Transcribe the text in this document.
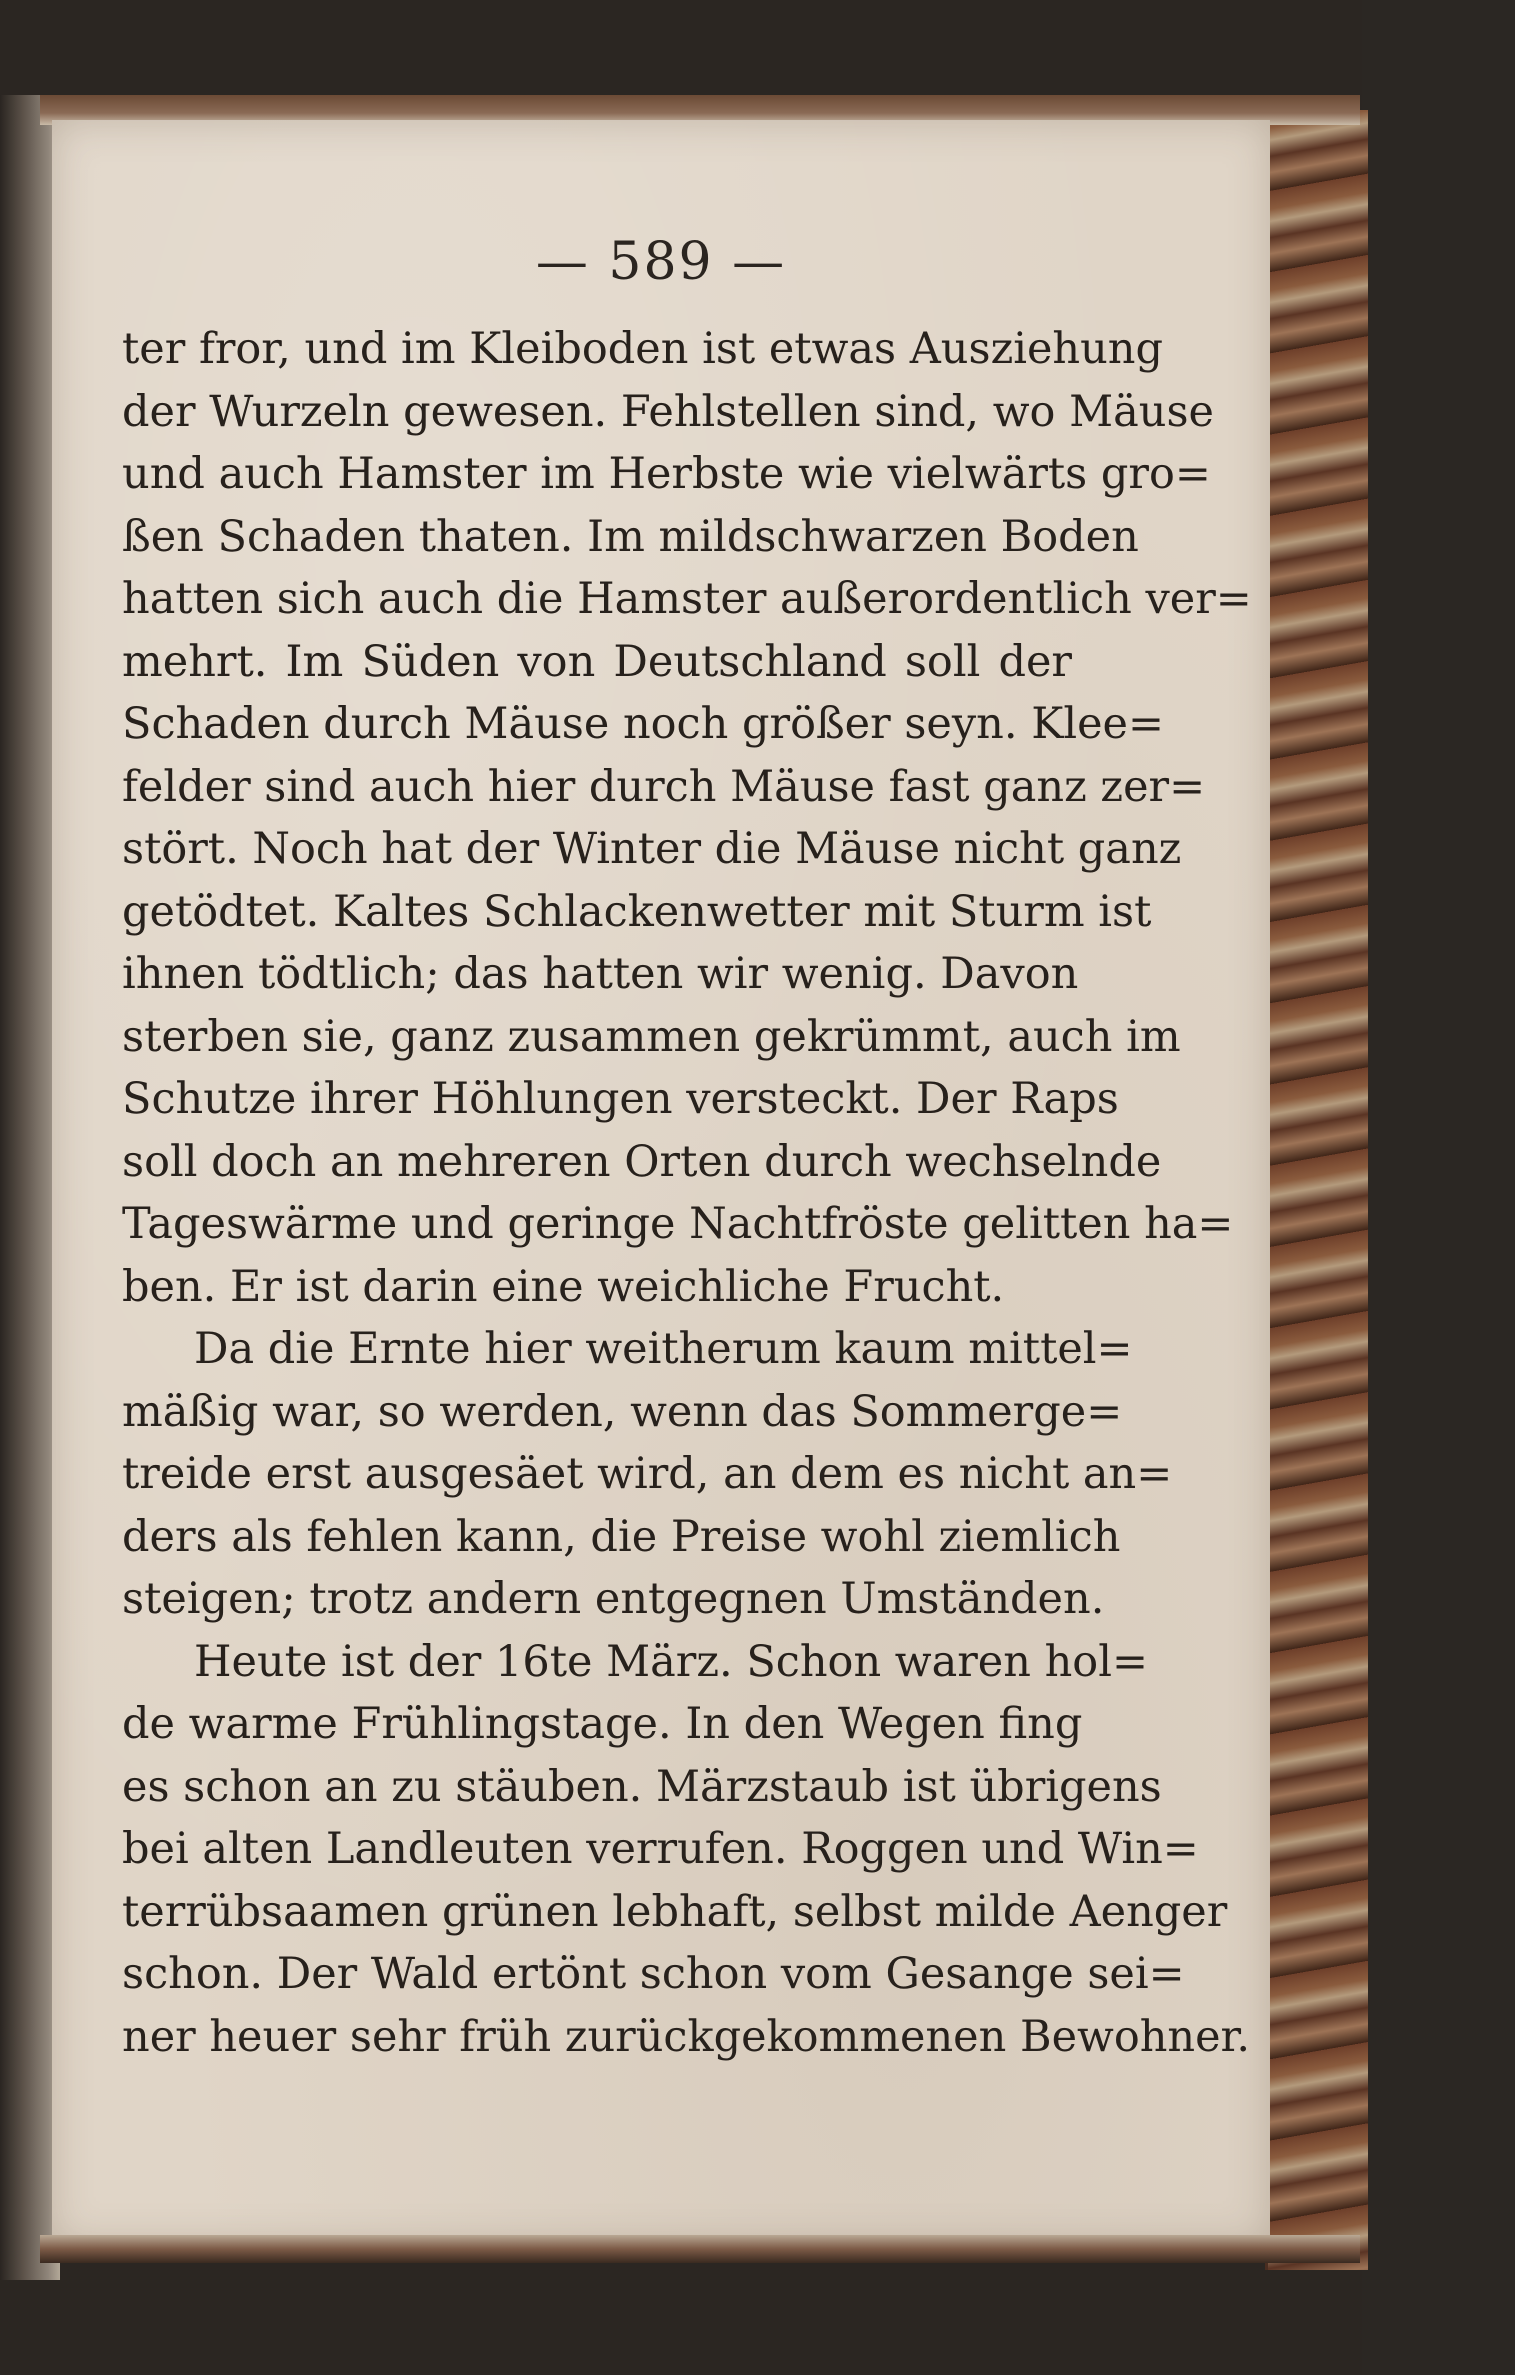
— 589 —
ter fror, und im Kleiboden ist etwas Ausziehung
der Wurzeln gewesen. Fehlstellen sind, wo Mäuse
und auch Hamster im Herbste wie vielwärts gro=
ßen Schaden thaten. Im mildschwarzen Boden
hatten sich auch die Hamster außerordentlich ver=
mehrt. Im Süden von Deutschland soll der
Schaden durch Mäuse noch größer seyn. Klee=
felder sind auch hier durch Mäuse fast ganz zer=
stört. Noch hat der Winter die Mäuse nicht ganz
getödtet. Kaltes Schlackenwetter mit Sturm ist
ihnen tödtlich; das hatten wir wenig. Davon
sterben sie, ganz zusammen gekrümmt, auch im
Schutze ihrer Höhlungen versteckt. Der Raps
soll doch an mehreren Orten durch wechselnde
Tageswärme und geringe Nachtfröste gelitten ha=
ben. Er ist darin eine weichliche Frucht.
Da die Ernte hier weitherum kaum mittel=
mäßig war, so werden, wenn das Sommerge=
treide erst ausgesäet wird, an dem es nicht an=
ders als fehlen kann, die Preise wohl ziemlich
steigen; trotz andern entgegnen Umständen.
Heute ist der 16te März. Schon waren hol=
de warme Frühlingstage. In den Wegen fing
es schon an zu stäuben. Märzstaub ist übrigens
bei alten Landleuten verrufen. Roggen und Win=
terrübsaamen grünen lebhaft, selbst milde Aenger
schon. Der Wald ertönt schon vom Gesange sei=
ner heuer sehr früh zurückgekommenen Bewohner.
